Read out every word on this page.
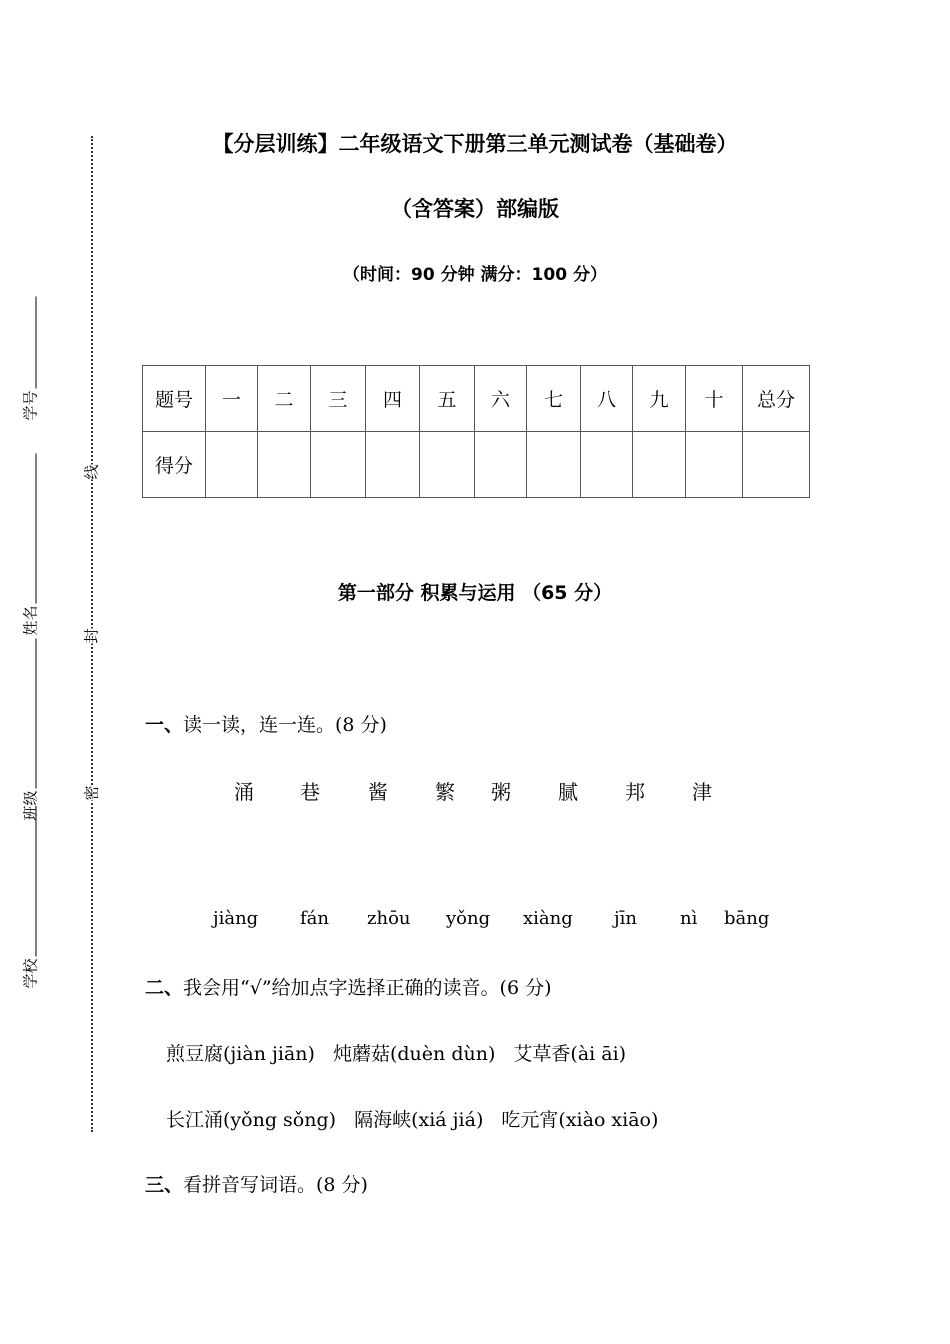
线
封
密
学号
姓名
班级
学校
【分层训练】二年级语文下册第三单元测试卷（基础卷）
（含答案）部编版
（时间：90 分钟 满分：100 分）
题号	一	二	三	四	五	六	七	八	九	十	总分
得分											
第一部分 积累与运用 （65 分）
一、读一读，连一连。(8 分)
涌 巷 酱 繁 粥 腻 邦 津
jiàng fán zhōu yǒng xiàng jīn nì bāng
二、我会用“√”给加点字选择正确的读音。(6 分)
煎豆腐(jiàn jiān) 炖蘑菇(duèn dùn) 艾草香(ài āi)
长江涌(yǒng sǒng) 隔海峡(xiá jiá) 吃元宵(xiào xiāo)
三、看拼音写词语。(8 分)
